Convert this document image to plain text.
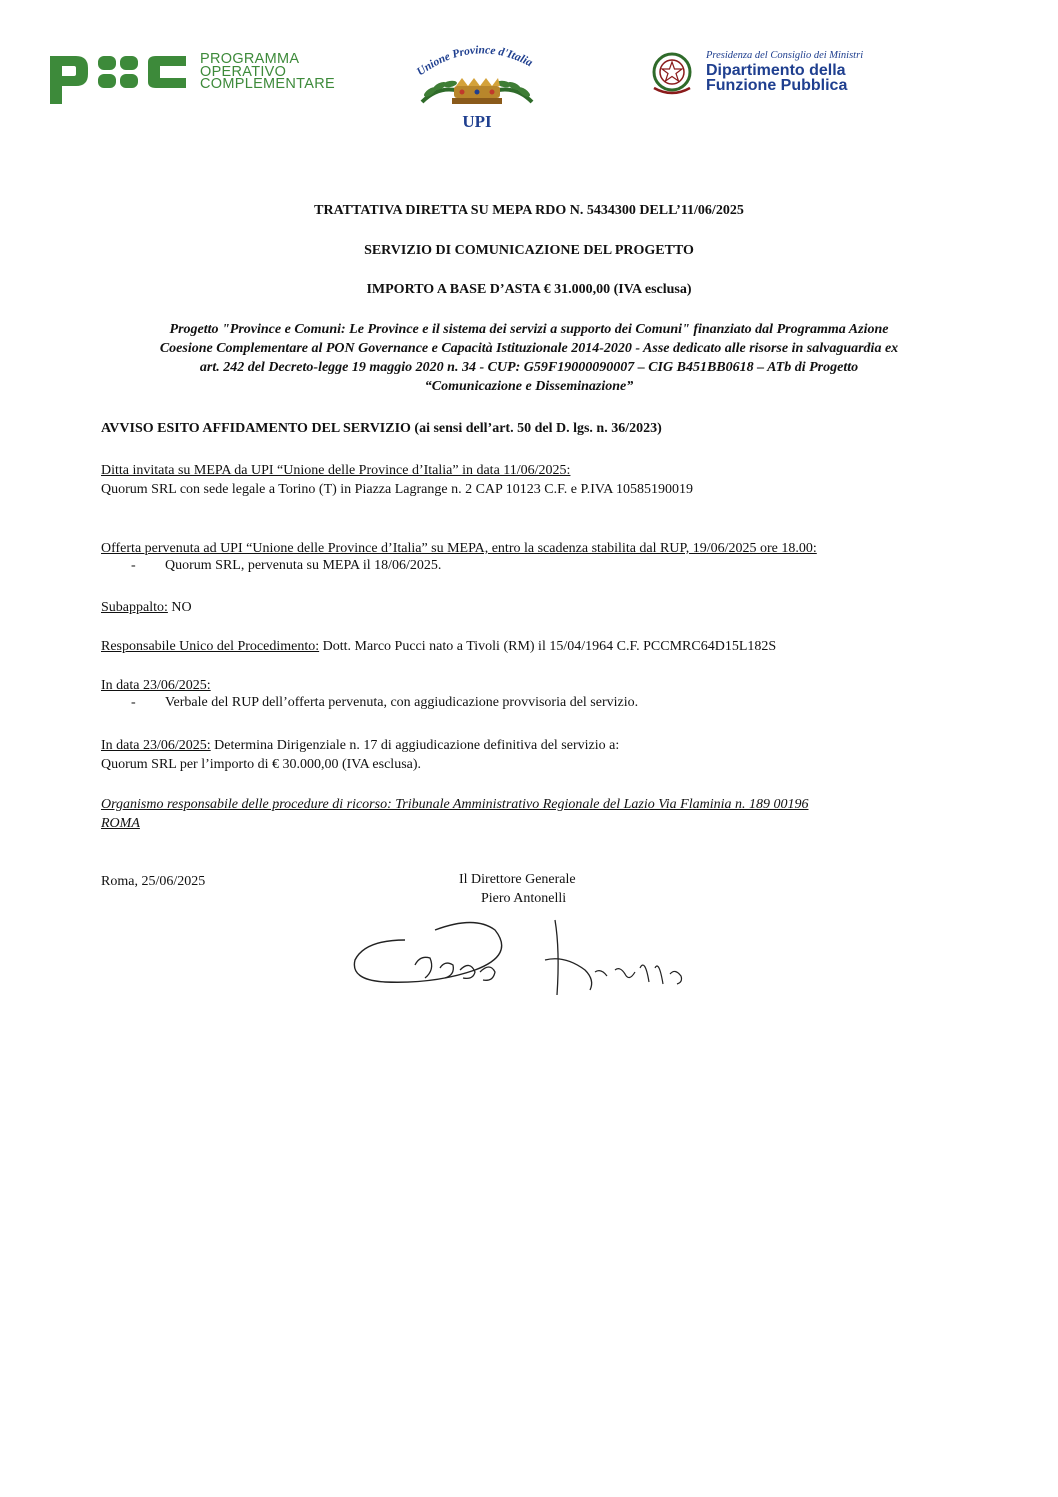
PROGRAMMA
OPERATIVO
COMPLEMENTARE
Unione Province d'Italia
UPI
Presidenza del Consiglio dei Ministri
Dipartimento della
Funzione Pubblica
TRATTATIVA DIRETTA SU MEPA RDO N. 5434300 DELL’11/06/2025
SERVIZIO DI COMUNICAZIONE DEL PROGETTO
IMPORTO A BASE D’ASTA € 31.000,00 (IVA esclusa)
Progetto "Province e Comuni: Le Province e il sistema dei servizi a supporto dei Comuni" finanziato dal Programma Azione
Coesione Complementare al PON Governance e Capacità Istituzionale 2014-2020 - Asse dedicato alle risorse in salvaguardia ex
art. 242 del Decreto-legge 19 maggio 2020 n. 34 - CUP: G59F19000090007 – CIG B451BB0618 – ATb di Progetto
“Comunicazione e Disseminazione”
AVVISO ESITO AFFIDAMENTO DEL SERVIZIO (ai sensi dell’art. 50 del D. lgs. n. 36/2023)
Ditta invitata su MEPA da UPI “Unione delle Province d’Italia” in data 11/06/2025:
Quorum SRL con sede legale a Torino (T) in Piazza Lagrange n. 2 CAP 10123 C.F. e P.IVA 10585190019
Offerta pervenuta ad UPI “Unione delle Province d’Italia” su MEPA, entro la scadenza stabilita dal RUP, 19/06/2025 ore 18.00:
- Quorum SRL, pervenuta su MEPA il 18/06/2025.
Subappalto: NO
Responsabile Unico del Procedimento: Dott. Marco Pucci nato a Tivoli (RM) il 15/04/1964 C.F. PCCMRC64D15L182S
In data 23/06/2025:
- Verbale del RUP dell’offerta pervenuta, con aggiudicazione provvisoria del servizio.
In data 23/06/2025: Determina Dirigenziale n. 17 di aggiudicazione definitiva del servizio a:
Quorum SRL per l’importo di € 30.000,00 (IVA esclusa).
Organismo responsabile delle procedure di ricorso: Tribunale Amministrativo Regionale del Lazio Via Flaminia n. 189 00196
ROMA
Roma, 25/06/2025	Il Direttore Generale
Piero Antonelli
